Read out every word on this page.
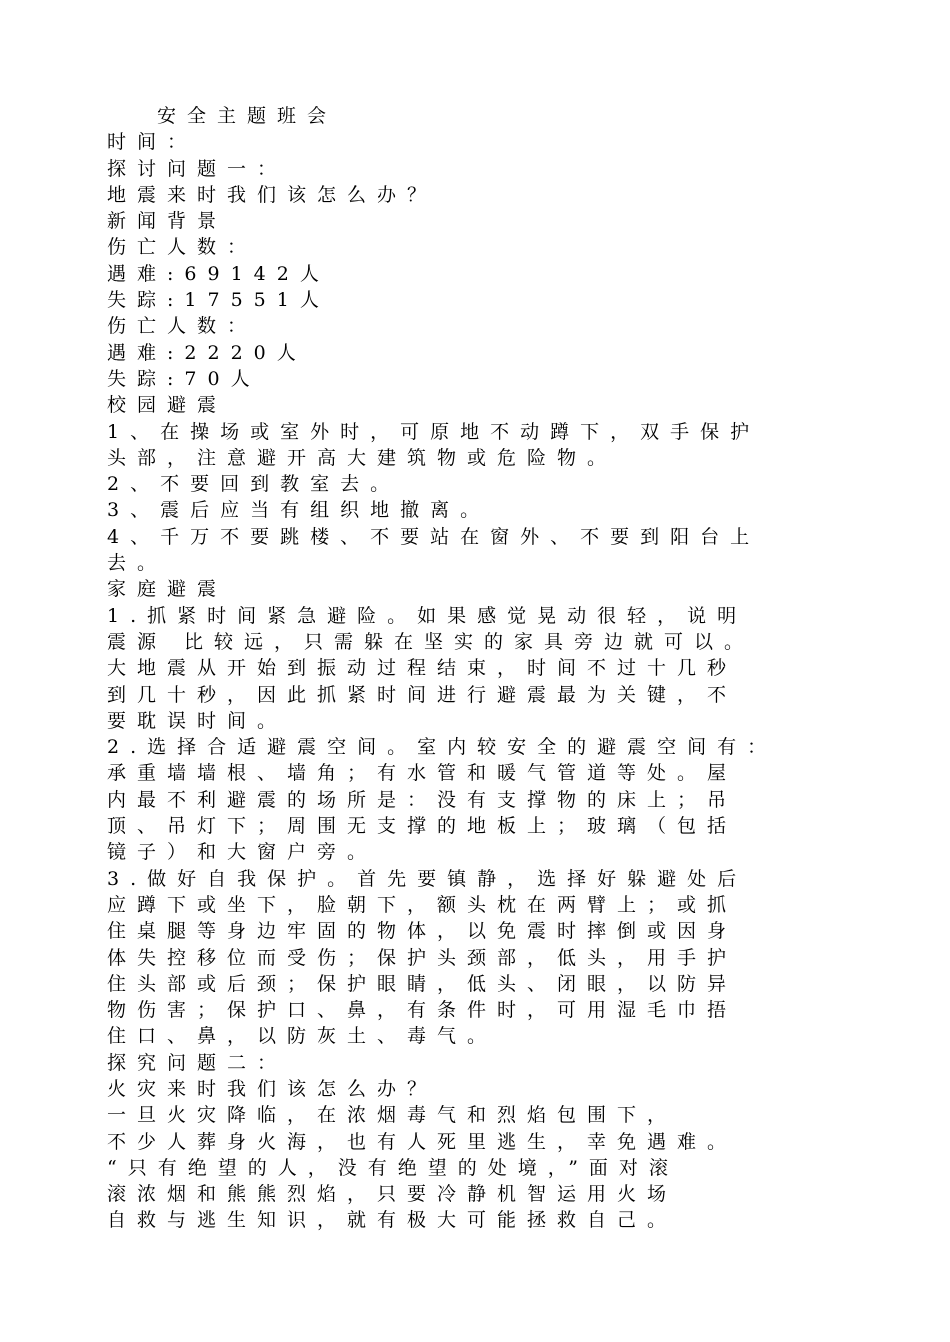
安全主题班会
时间：
探讨问题一：
地震来时我们该怎么办？
新闻背景
伤亡人数：
遇难:69142人
失踪:17551人
伤亡人数：
遇难:2220人
失踪:70人
校园避震
1、在操场或室外时，可原地不动蹲下，双手保护
头部，注意避开高大建筑物或危险物。
2、不要回到教室去。
3、震后应当有组织地撤离。
4、千万不要跳楼、不要站在窗外、不要到阳台上
去。
家庭避震
1.抓紧时间紧急避险。如果感觉晃动很轻，说明
震源 比较远，只需躲在坚实的家具旁边就可以。
大地震从开始到振动过程结束，时间不过十几秒
到几十秒，因此抓紧时间进行避震最为关键，不
要耽误时间。
2.选择合适避震空间。室内较安全的避震空间有：
承重墙墙根、墙角；有水管和暖气管道等处。屋
内最不利避震的场所是：没有支撑物的床上；吊
顶、吊灯下；周围无支撑的地板上；玻璃（包括
镜子）和大窗户旁。
3.做好自我保护。首先要镇静，选择好躲避处后
应蹲下或坐下，脸朝下，额头枕在两臂上；或抓
住桌腿等身边牢固的物体，以免震时摔倒或因身
体失控移位而受伤；保护头颈部，低头，用手护
住头部或后颈；保护眼睛，低头、闭眼，以防异
物伤害；保护口、鼻，有条件时，可用湿毛巾捂
住口、鼻，以防灰土、毒气。
探究问题二：
火灾来时我们该怎么办？
一旦火灾降临，在浓烟毒气和烈焰包围下，
不少人葬身火海，也有人死里逃生，幸免遇难。
“只有绝望的人，没有绝望的处境，”面对滚
滚浓烟和熊熊烈焰，只要冷静机智运用火场
自救与逃生知识，就有极大可能拯救自己。
